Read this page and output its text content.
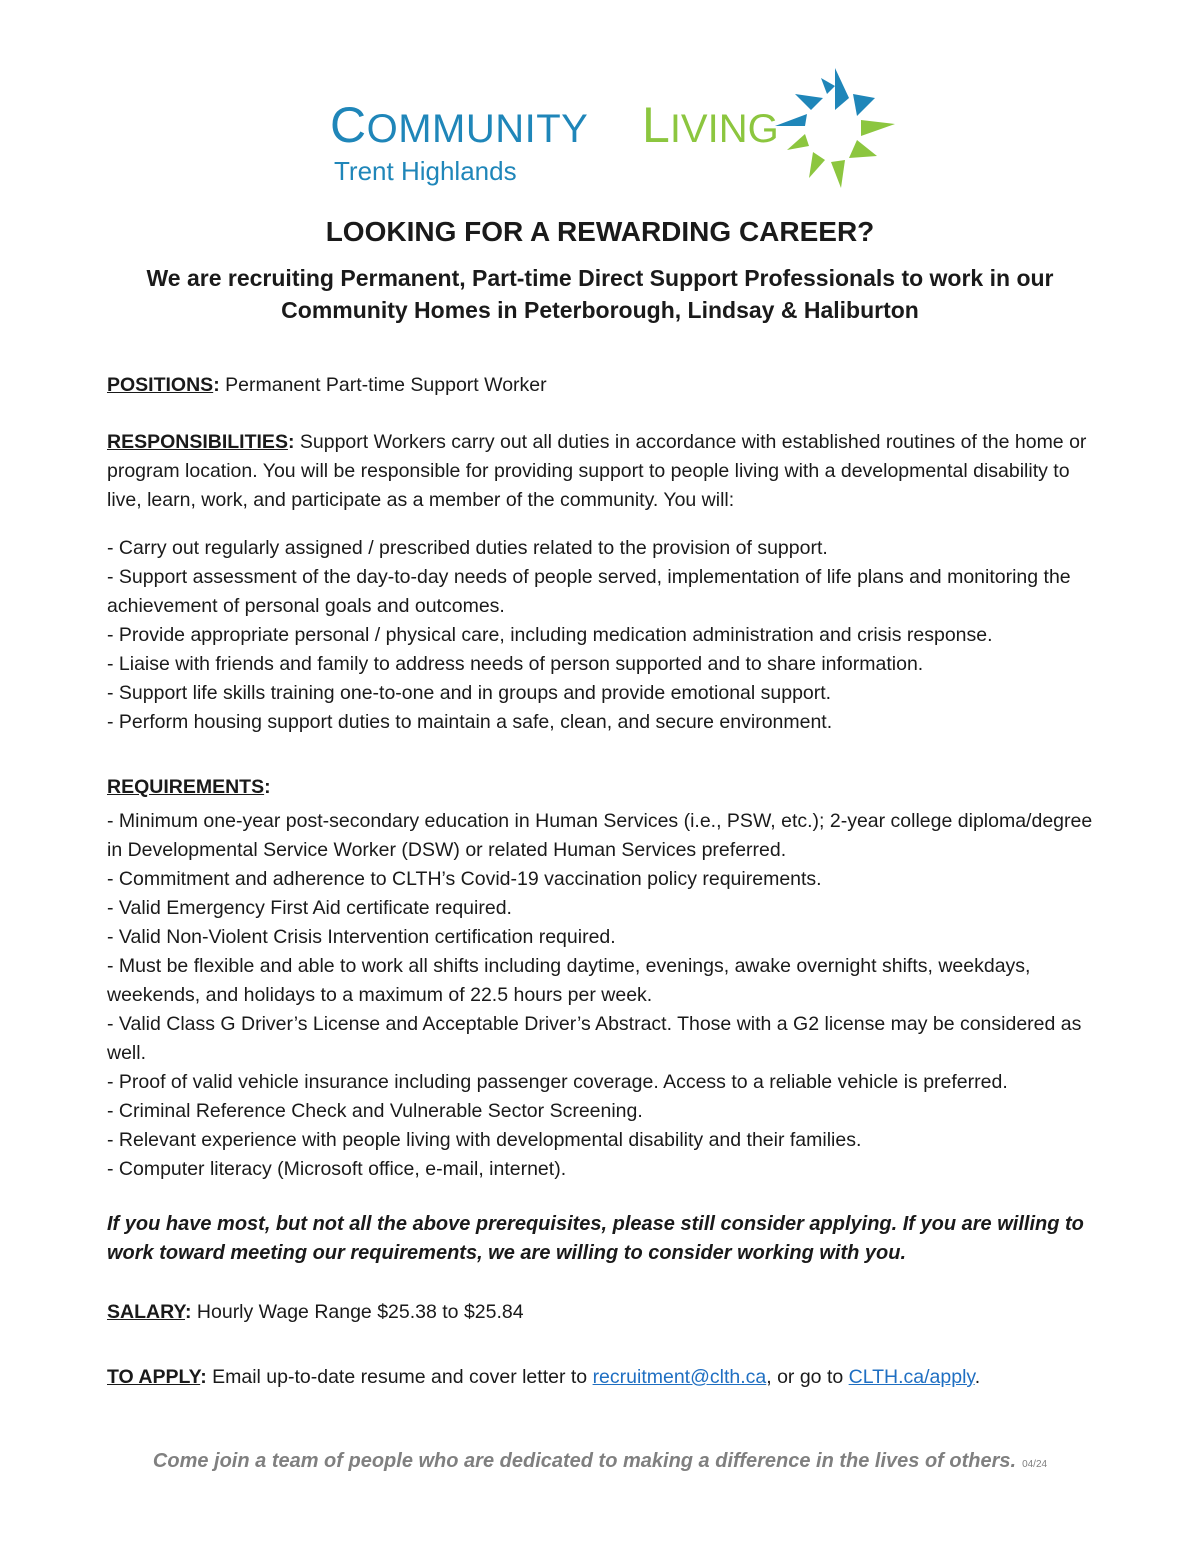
COMMUNITY LIVING
Trent Highlands
LOOKING FOR A REWARDING CAREER?
We are recruiting Permanent, Part-time Direct Support Professionals to work in our Community Homes in Peterborough, Lindsay & Haliburton
POSITIONS: Permanent Part-time Support Worker
RESPONSIBILITIES: Support Workers carry out all duties in accordance with established routines of the home or program location. You will be responsible for providing support to people living with a developmental disability to live, learn, work, and participate as a member of the community. You will:
- Carry out regularly assigned / prescribed duties related to the provision of support.
- Support assessment of the day-to-day needs of people served, implementation of life plans and monitoring the achievement of personal goals and outcomes.
- Provide appropriate personal / physical care, including medication administration and crisis response.
- Liaise with friends and family to address needs of person supported and to share information.
- Support life skills training one-to-one and in groups and provide emotional support.
- Perform housing support duties to maintain a safe, clean, and secure environment.
REQUIREMENTS:
- Minimum one-year post-secondary education in Human Services (i.e., PSW, etc.); 2-year college diploma/degree in Developmental Service Worker (DSW) or related Human Services preferred.
- Commitment and adherence to CLTH’s Covid-19 vaccination policy requirements.
- Valid Emergency First Aid certificate required.
- Valid Non-Violent Crisis Intervention certification required.
- Must be flexible and able to work all shifts including daytime, evenings, awake overnight shifts, weekdays, weekends, and holidays to a maximum of 22.5 hours per week.
- Valid Class G Driver’s License and Acceptable Driver’s Abstract. Those with a G2 license may be considered as well.
- Proof of valid vehicle insurance including passenger coverage. Access to a reliable vehicle is preferred.
- Criminal Reference Check and Vulnerable Sector Screening.
- Relevant experience with people living with developmental disability and their families.
- Computer literacy (Microsoft office, e-mail, internet).
If you have most, but not all the above prerequisites, please still consider applying. If you are willing to work toward meeting our requirements, we are willing to consider working with you.
SALARY: Hourly Wage Range $25.38 to $25.84
TO APPLY: Email up-to-date resume and cover letter to recruitment@clth.ca, or go to CLTH.ca/apply.
Come join a team of people who are dedicated to making a difference in the lives of others. 04/24
